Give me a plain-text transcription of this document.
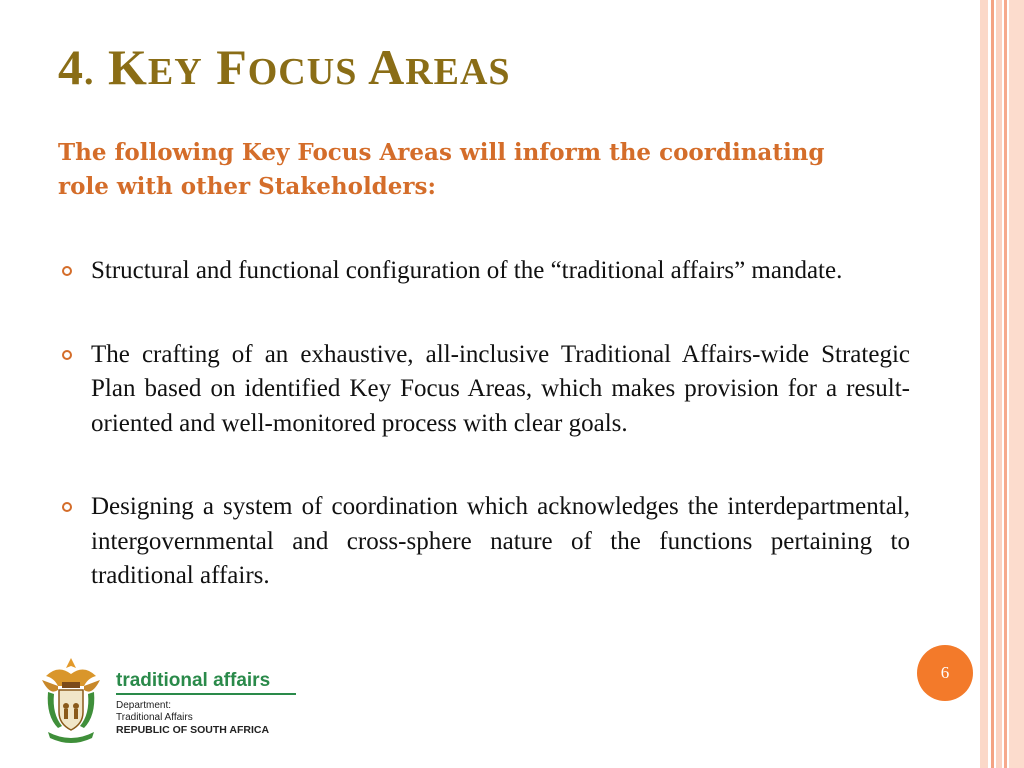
4. KEY FOCUS AREAS

The following Key Focus Areas will inform the coordinating role with other Stakeholders:

Structural and functional configuration of the “traditional affairs” mandate.
The crafting of an exhaustive, all-inclusive Traditional Affairs-wide Strategic Plan based on identified Key Focus Areas, which makes provision for a result-oriented and well-monitored process with clear goals.
Designing a system of coordination which acknowledges the interdepartmental, intergovernmental and cross-sphere nature of the functions pertaining to traditional affairs.
6
traditional affairs
Department:
Traditional Affairs
REPUBLIC OF SOUTH AFRICA
